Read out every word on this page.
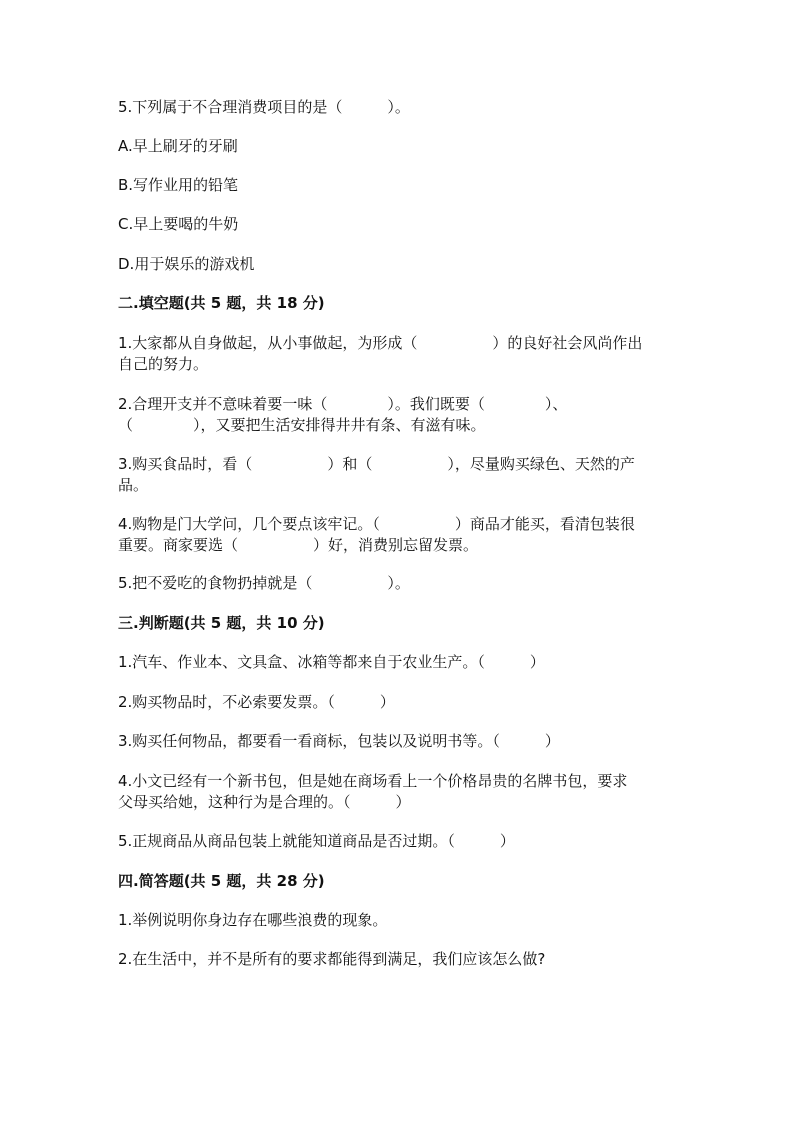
5.下列属于不合理消费项目的是（　　　）。
A.早上刷牙的牙刷
B.写作业用的铅笔
C.早上要喝的牛奶
D.用于娱乐的游戏机
二.填空题(共 5 题，共 18 分)
1.大家都从自身做起，从小事做起，为形成（　　　　　）的良好社会风尚作出
自己的努力。
2.合理开支并不意味着要一味（　　　　）。我们既要（　　　　）、
（　　　　），又要把生活安排得井井有条、有滋有味。
3.购买食品时，看（　　　　　）和（　　　　　），尽量购买绿色、天然的产
品。
4.购物是门大学问，几个要点该牢记。（　　　　　）商品才能买，看清包装很
重要。商家要选（　　　　　）好，消费别忘留发票。
5.把不爱吃的食物扔掉就是（　　　　　）。
三.判断题(共 5 题，共 10 分)
1.汽车、作业本、文具盒、冰箱等都来自于农业生产。（　　　）
2.购买物品时，不必索要发票。（　　　）
3.购买任何物品，都要看一看商标，包装以及说明书等。（　　　）
4.小文已经有一个新书包，但是她在商场看上一个价格昂贵的名牌书包，要求
父母买给她，这种行为是合理的。（　　　）
5.正规商品从商品包装上就能知道商品是否过期。（　　　）
四.简答题(共 5 题，共 28 分)
1.举例说明你身边存在哪些浪费的现象。
2.在生活中，并不是所有的要求都能得到满足，我们应该怎么做?
